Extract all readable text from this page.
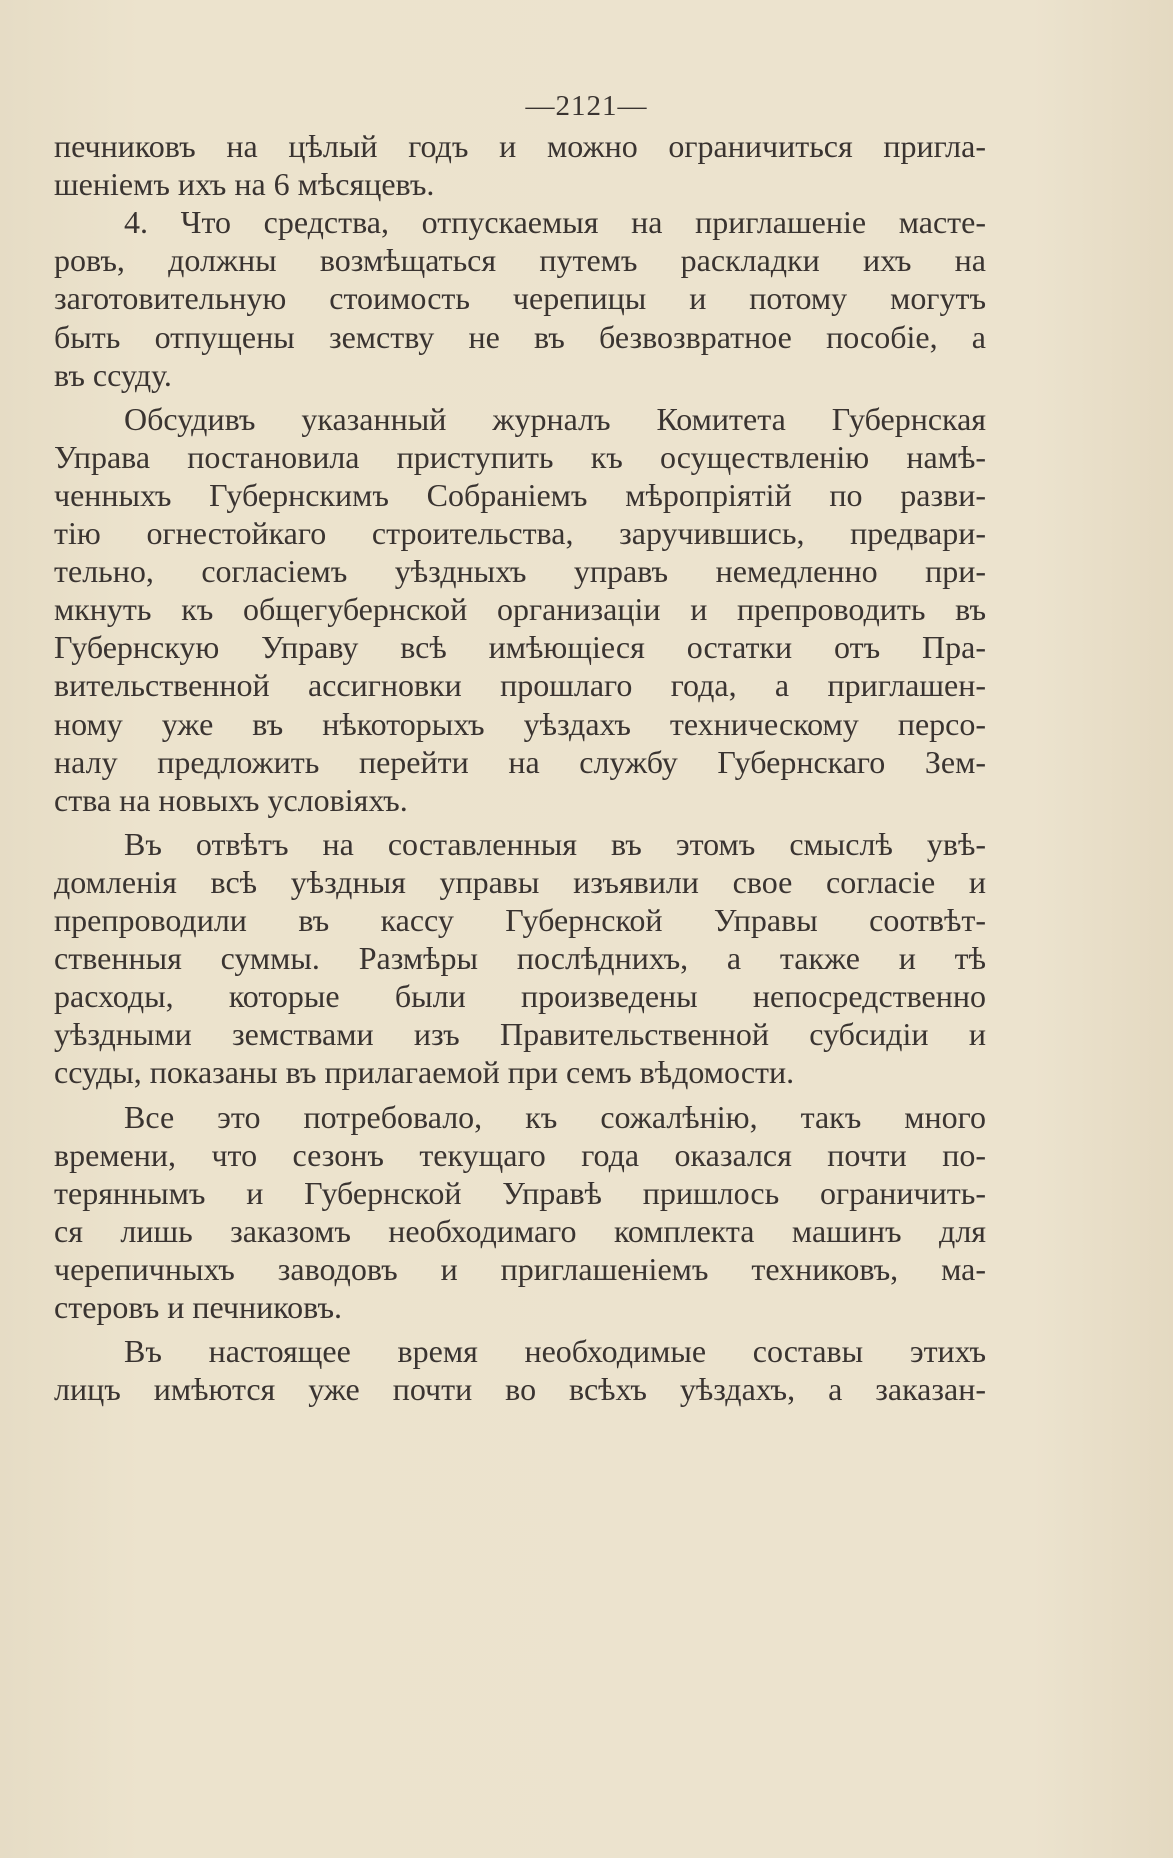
—2121—
печниковъ на цѣлый годъ и можно ограничиться пригла-
шеніемъ ихъ на 6 мѣсяцевъ.
4. Что средства, отпускаемыя на приглашеніе масте-
ровъ, должны возмѣщаться путемъ раскладки ихъ на
заготовительную стоимость черепицы и потому могутъ
быть отпущены земству не въ безвозвратное пособіе, а
въ ссуду.
Обсудивъ указанный журналъ Комитета Губернская
Управа постановила приступить къ осуществленію намѣ-
ченныхъ Губернскимъ Собраніемъ мѣропріятій по разви-
тію огнестойкаго строительства, заручившись, предвари-
тельно, согласіемъ уѣздныхъ управъ немедленно при-
мкнуть къ общегубернской организаціи и препроводить въ
Губернскую Управу всѣ имѣющіеся остатки отъ Пра-
вительственной ассигновки прошлаго года, а приглашен-
ному уже въ нѣкоторыхъ уѣздахъ техническому персо-
налу предложить перейти на службу Губернскаго Зем-
ства на новыхъ условіяхъ.
Въ отвѣтъ на составленныя въ этомъ смыслѣ увѣ-
домленія всѣ уѣздныя управы изъявили свое согласіе и
препроводили въ кассу Губернской Управы соотвѣт-
ственныя суммы. Размѣры послѣднихъ, а также и тѣ
расходы, которые были произведены непосредственно
уѣздными земствами изъ Правительственной субсидіи и
ссуды, показаны въ прилагаемой при семъ вѣдомости.
Все это потребовало, къ сожалѣнію, такъ много
времени, что сезонъ текущаго года оказался почти по-
теряннымъ и Губернской Управѣ пришлось ограничить-
ся лишь заказомъ необходимаго комплекта машинъ для
черепичныхъ заводовъ и приглашеніемъ техниковъ, ма-
стеровъ и печниковъ.
Въ настоящее время необходимые составы этихъ
лицъ имѣются уже почти во всѣхъ уѣздахъ, а заказан-
